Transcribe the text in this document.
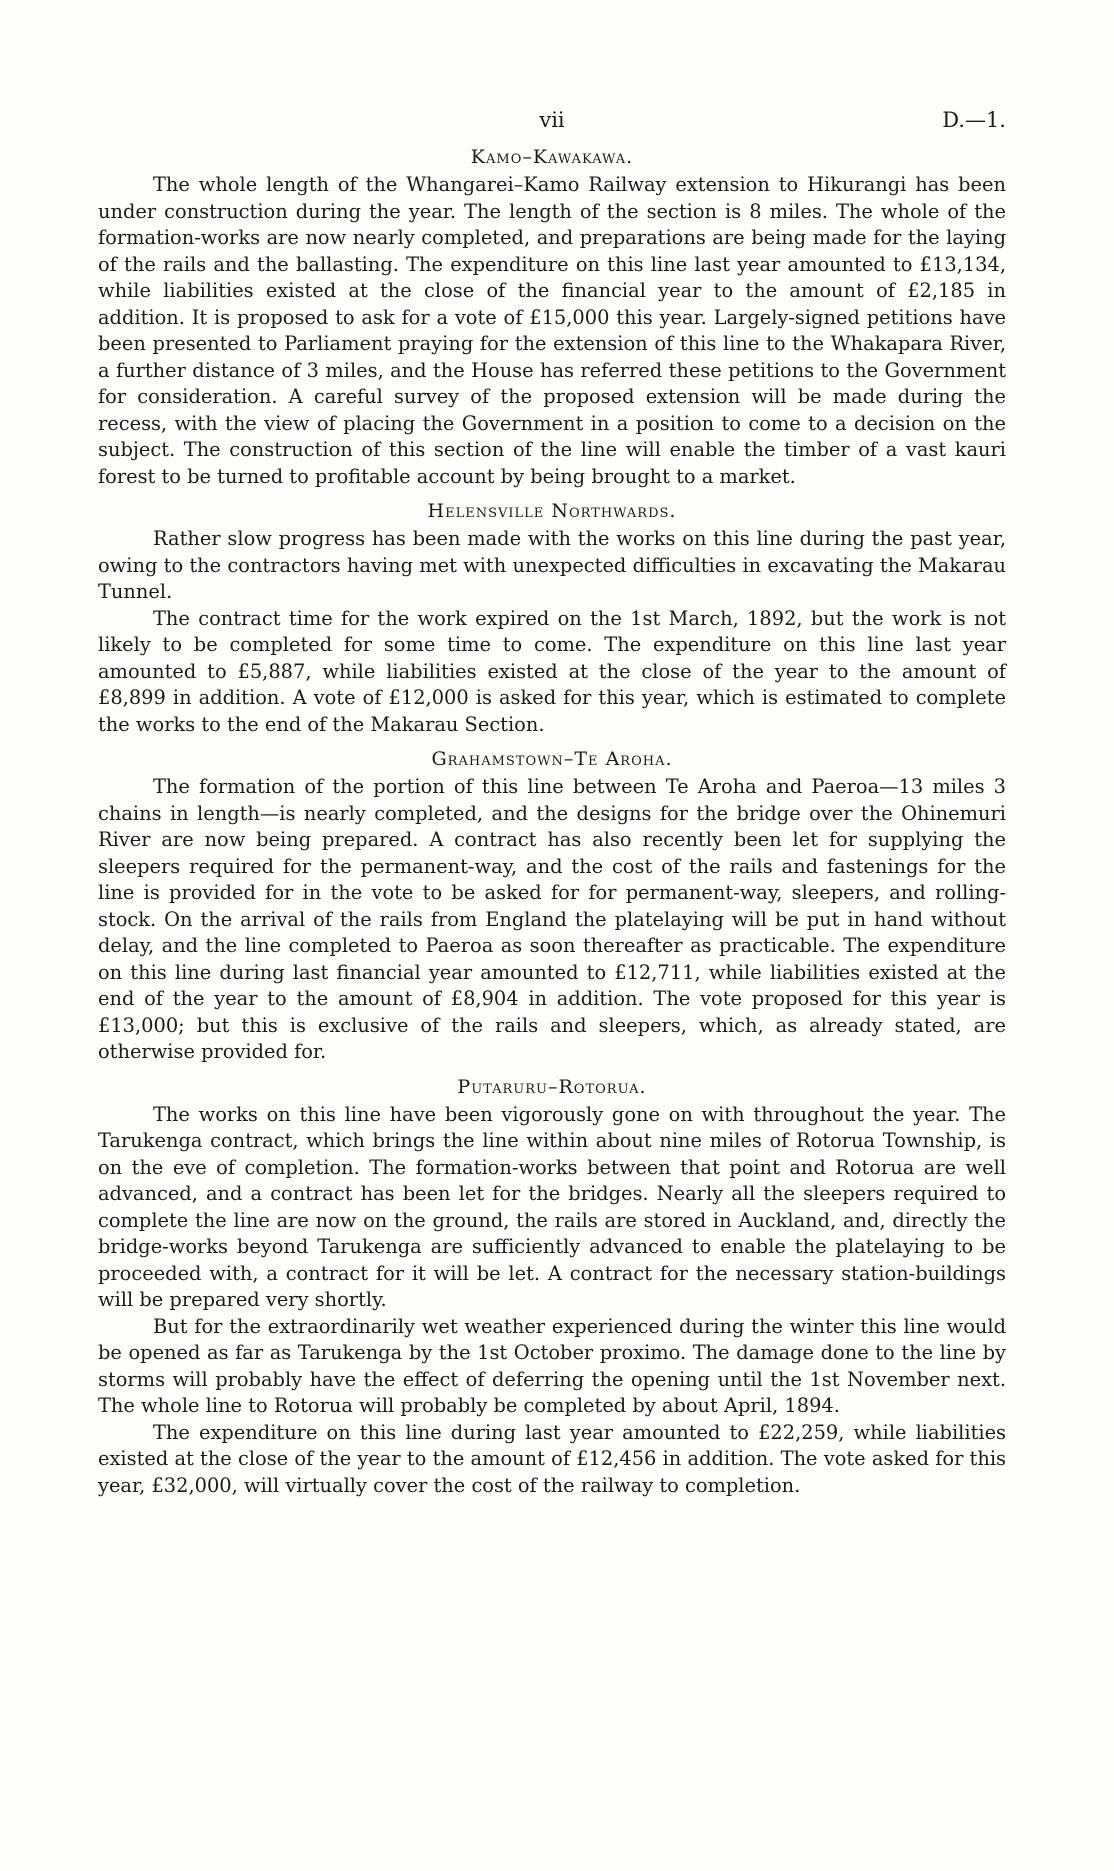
vii	D.—1.
Kamo–Kawakawa.

The whole length of the Whangarei–Kamo Railway extension to Hikurangi has been under construction during the year. The length of the section is 8 miles. The whole of the formation-works are now nearly completed, and preparations are being made for the laying of the rails and the ballasting. The expenditure on this line last year amounted to £13,134, while liabilities existed at the close of the financial year to the amount of £2,185 in addition. It is proposed to ask for a vote of £15,000 this year. Largely-signed petitions have been presented to Parliament praying for the extension of this line to the Whakapara River, a further distance of 3 miles, and the House has referred these petitions to the Government for consideration. A careful survey of the proposed extension will be made during the recess, with the view of placing the Government in a position to come to a decision on the subject. The construction of this section of the line will enable the timber of a vast kauri forest to be turned to profitable account by being brought to a market.

Helensville Northwards.

Rather slow progress has been made with the works on this line during the past year, owing to the contractors having met with unexpected difficulties in excavating the Makarau Tunnel.

The contract time for the work expired on the 1st March, 1892, but the work is not likely to be completed for some time to come. The expenditure on this line last year amounted to £5,887, while liabilities existed at the close of the year to the amount of £8,899 in addition. A vote of £12,000 is asked for this year, which is estimated to complete the works to the end of the Makarau Section.

Grahamstown–Te Aroha.

The formation of the portion of this line between Te Aroha and Paeroa—13 miles 3 chains in length—is nearly completed, and the designs for the bridge over the Ohinemuri River are now being prepared. A contract has also recently been let for supplying the sleepers required for the permanent-way, and the cost of the rails and fastenings for the line is provided for in the vote to be asked for for permanent-way, sleepers, and rolling-stock. On the arrival of the rails from England the platelaying will be put in hand without delay, and the line completed to Paeroa as soon thereafter as practicable. The expenditure on this line during last financial year amounted to £12,711, while liabilities existed at the end of the year to the amount of £8,904 in addition. The vote proposed for this year is £13,000; but this is exclusive of the rails and sleepers, which, as already stated, are otherwise provided for.

Putaruru–Rotorua.

The works on this line have been vigorously gone on with throughout the year. The Tarukenga contract, which brings the line within about nine miles of Rotorua Township, is on the eve of completion. The formation-works between that point and Rotorua are well advanced, and a contract has been let for the bridges. Nearly all the sleepers required to complete the line are now on the ground, the rails are stored in Auckland, and, directly the bridge-works beyond Tarukenga are sufficiently advanced to enable the platelaying to be proceeded with, a contract for it will be let. A contract for the necessary station-buildings will be prepared very shortly.

But for the extraordinarily wet weather experienced during the winter this line would be opened as far as Tarukenga by the 1st October proximo. The damage done to the line by storms will probably have the effect of deferring the opening until the 1st November next. The whole line to Rotorua will probably be completed by about April, 1894.

The expenditure on this line during last year amounted to £22,259, while liabilities existed at the close of the year to the amount of £12,456 in addition. The vote asked for this year, £32,000, will virtually cover the cost of the railway to completion.
